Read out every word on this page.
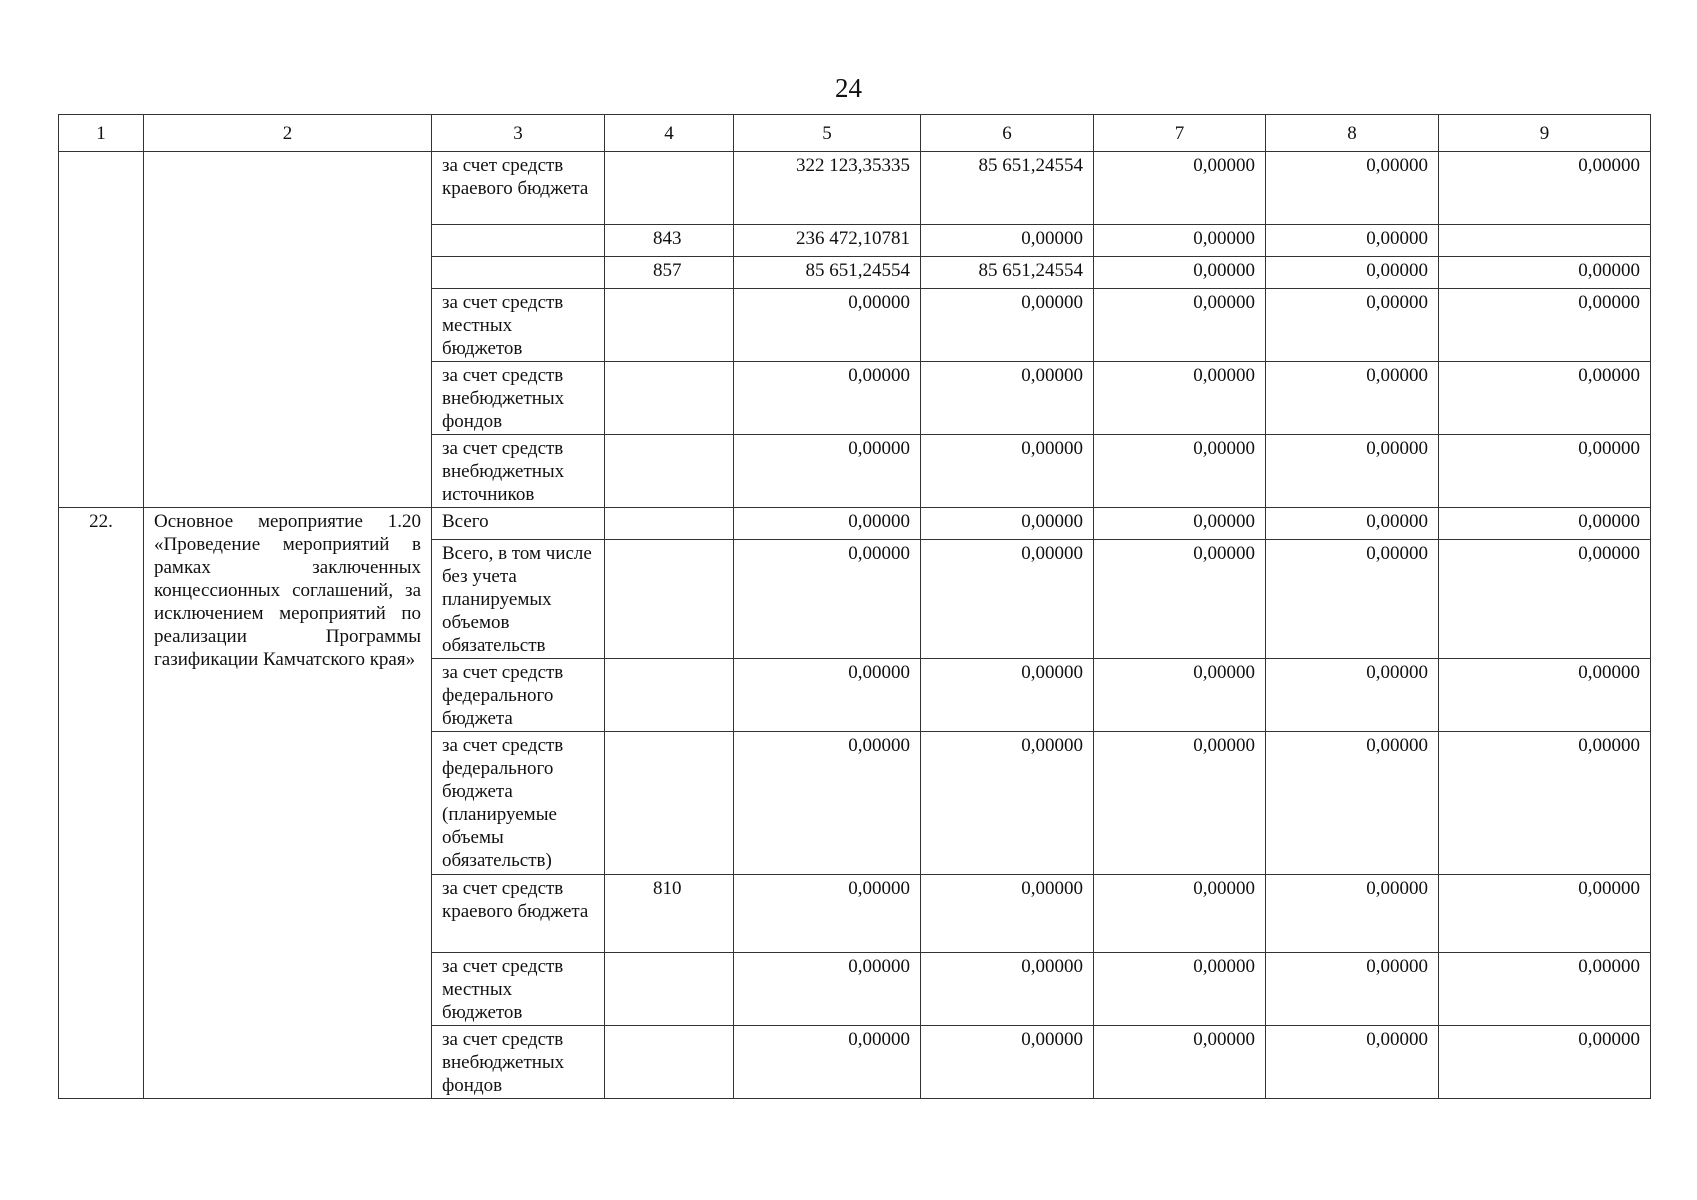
24
1	2	3	4	5	6	7	8	9
		за счет средств краевого бюджета		322 123,35335	85 651,24554	0,00000	0,00000	0,00000
			843	236 472,10781	0,00000	0,00000	0,00000	
			857	85 651,24554	85 651,24554	0,00000	0,00000	0,00000
		за счет средств местных бюджетов		0,00000	0,00000	0,00000	0,00000	0,00000
		за счет средств внебюджетных фондов		0,00000	0,00000	0,00000	0,00000	0,00000
		за счет средств внебюджетных источников		0,00000	0,00000	0,00000	0,00000	0,00000
22.	Основное мероприятие 1.20 «Проведение мероприятий в рамках заключенных концессионных соглашений, за исключением мероприятий по реализации Программы газификации Камчатского края»	Всего		0,00000	0,00000	0,00000	0,00000	0,00000
		Всего, в том числе без учета планируемых объемов обязательств		0,00000	0,00000	0,00000	0,00000	0,00000
		за счет средств федерального бюджета		0,00000	0,00000	0,00000	0,00000	0,00000
		за счет средств федерального бюджета (планируемые объемы обязательств)		0,00000	0,00000	0,00000	0,00000	0,00000
		за счет средств краевого бюджета	810	0,00000	0,00000	0,00000	0,00000	0,00000
		за счет средств местных бюджетов		0,00000	0,00000	0,00000	0,00000	0,00000
		за счет средств внебюджетных фондов		0,00000	0,00000	0,00000	0,00000	0,00000
